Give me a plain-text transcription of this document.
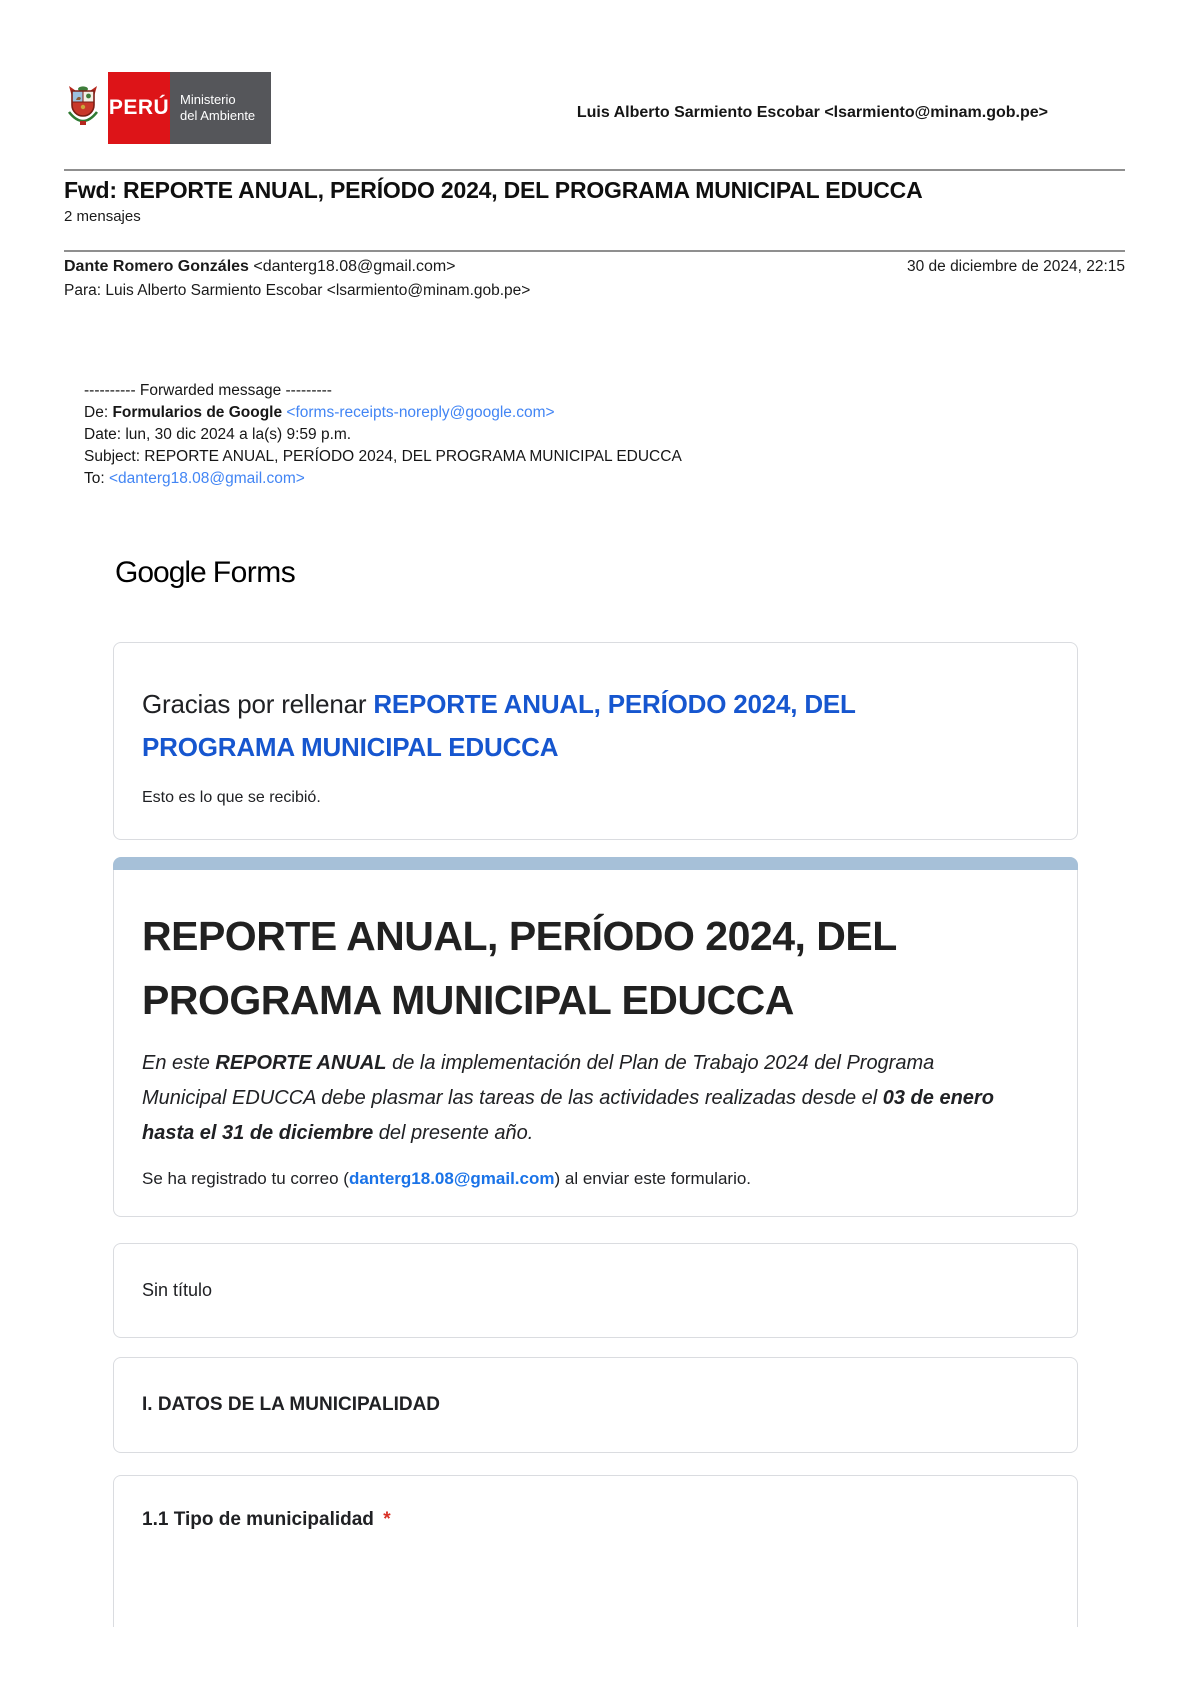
PERÚ Ministerio
del Ambiente	Luis Alberto Sarmiento Escobar <lsarmiento@minam.gob.pe>
Fwd: REPORTE ANUAL, PERÍODO 2024, DEL PROGRAMA MUNICIPAL EDUCCA
2 mensajes
Dante Romero Gonzáles <danterg18.08@gmail.com>	30 de diciembre de 2024, 22:15
Para: Luis Alberto Sarmiento Escobar <lsarmiento@minam.gob.pe>
---------- Forwarded message ---------
De: Formularios de Google <forms-receipts-noreply@google.com>
Date: lun, 30 dic 2024 a la(s) 9:59 p.m.
Subject: REPORTE ANUAL, PERÍODO 2024, DEL PROGRAMA MUNICIPAL EDUCCA
To: <danterg18.08@gmail.com>
Google Forms
Gracias por rellenar REPORTE ANUAL, PERÍODO 2024, DEL PROGRAMA MUNICIPAL EDUCCA
Esto es lo que se recibió.
REPORTE ANUAL, PERÍODO 2024, DEL PROGRAMA MUNICIPAL EDUCCA
En este REPORTE ANUAL de la implementación del Plan de Trabajo 2024 del Programa Municipal EDUCCA debe plasmar las tareas de las actividades realizadas desde el 03 de enero hasta el 31 de diciembre del presente año.
Se ha registrado tu correo (danterg18.08@gmail.com) al enviar este formulario.
Sin título
I. DATOS DE LA MUNICIPALIDAD
1.1 Tipo de municipalidad *
